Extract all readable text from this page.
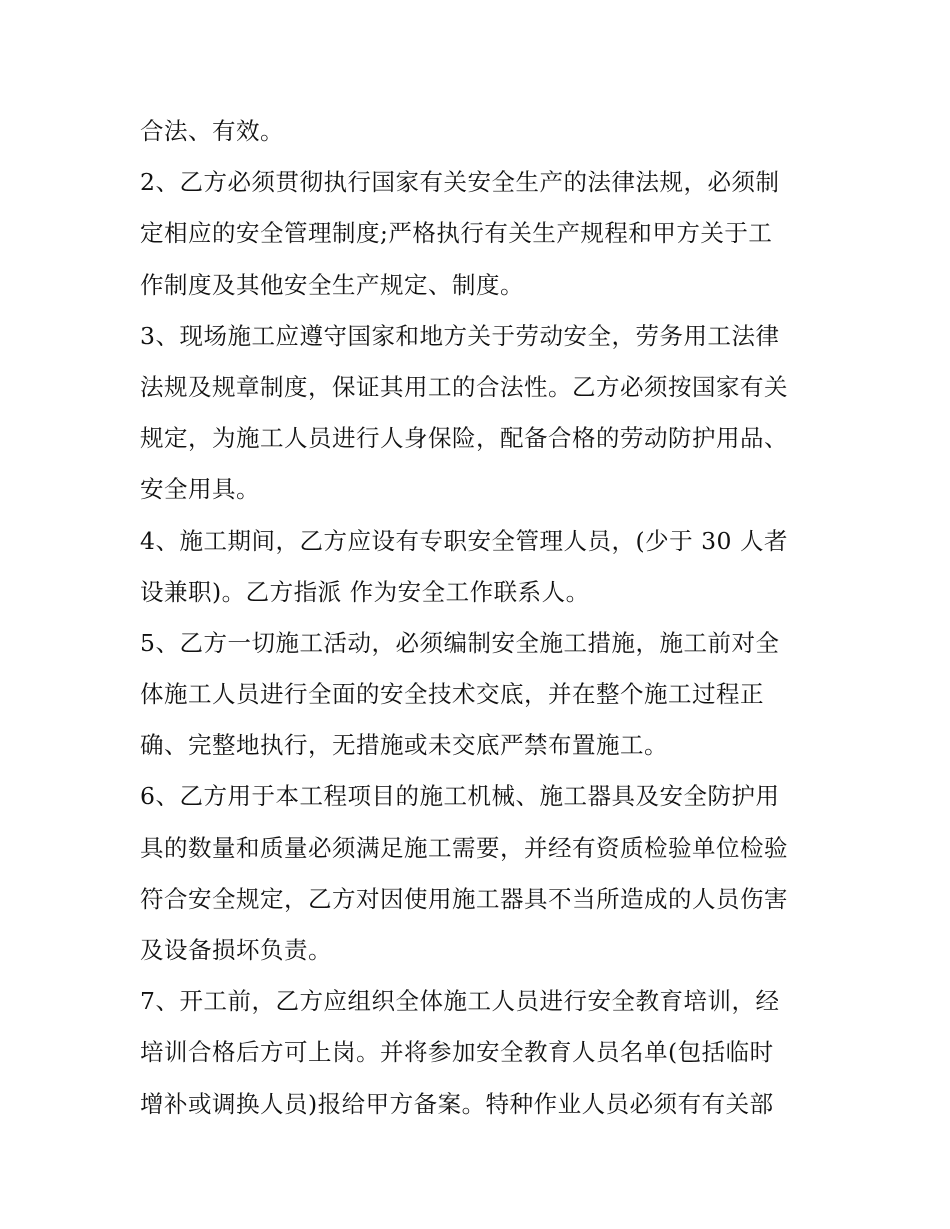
合法、有效。
2、乙方必须贯彻执行国家有关安全生产的法律法规，必须制
定相应的安全管理制度;严格执行有关生产规程和甲方关于工
作制度及其他安全生产规定、制度。
3、现场施工应遵守国家和地方关于劳动安全，劳务用工法律
法规及规章制度，保证其用工的合法性。乙方必须按国家有关
规定，为施工人员进行人身保险，配备合格的劳动防护用品、
安全用具。
4、施工期间，乙方应设有专职安全管理人员，(少于 30 人者
设兼职)。乙方指派 作为安全工作联系人。
5、乙方一切施工活动，必须编制安全施工措施，施工前对全
体施工人员进行全面的安全技术交底，并在整个施工过程正
确、完整地执行，无措施或未交底严禁布置施工。
6、乙方用于本工程项目的施工机械、施工器具及安全防护用
具的数量和质量必须满足施工需要，并经有资质检验单位检验
符合安全规定，乙方对因使用施工器具不当所造成的人员伤害
及设备损坏负责。
7、开工前，乙方应组织全体施工人员进行安全教育培训，经
培训合格后方可上岗。并将参加安全教育人员名单(包括临时
增补或调换人员)报给甲方备案。特种作业人员必须有有关部
